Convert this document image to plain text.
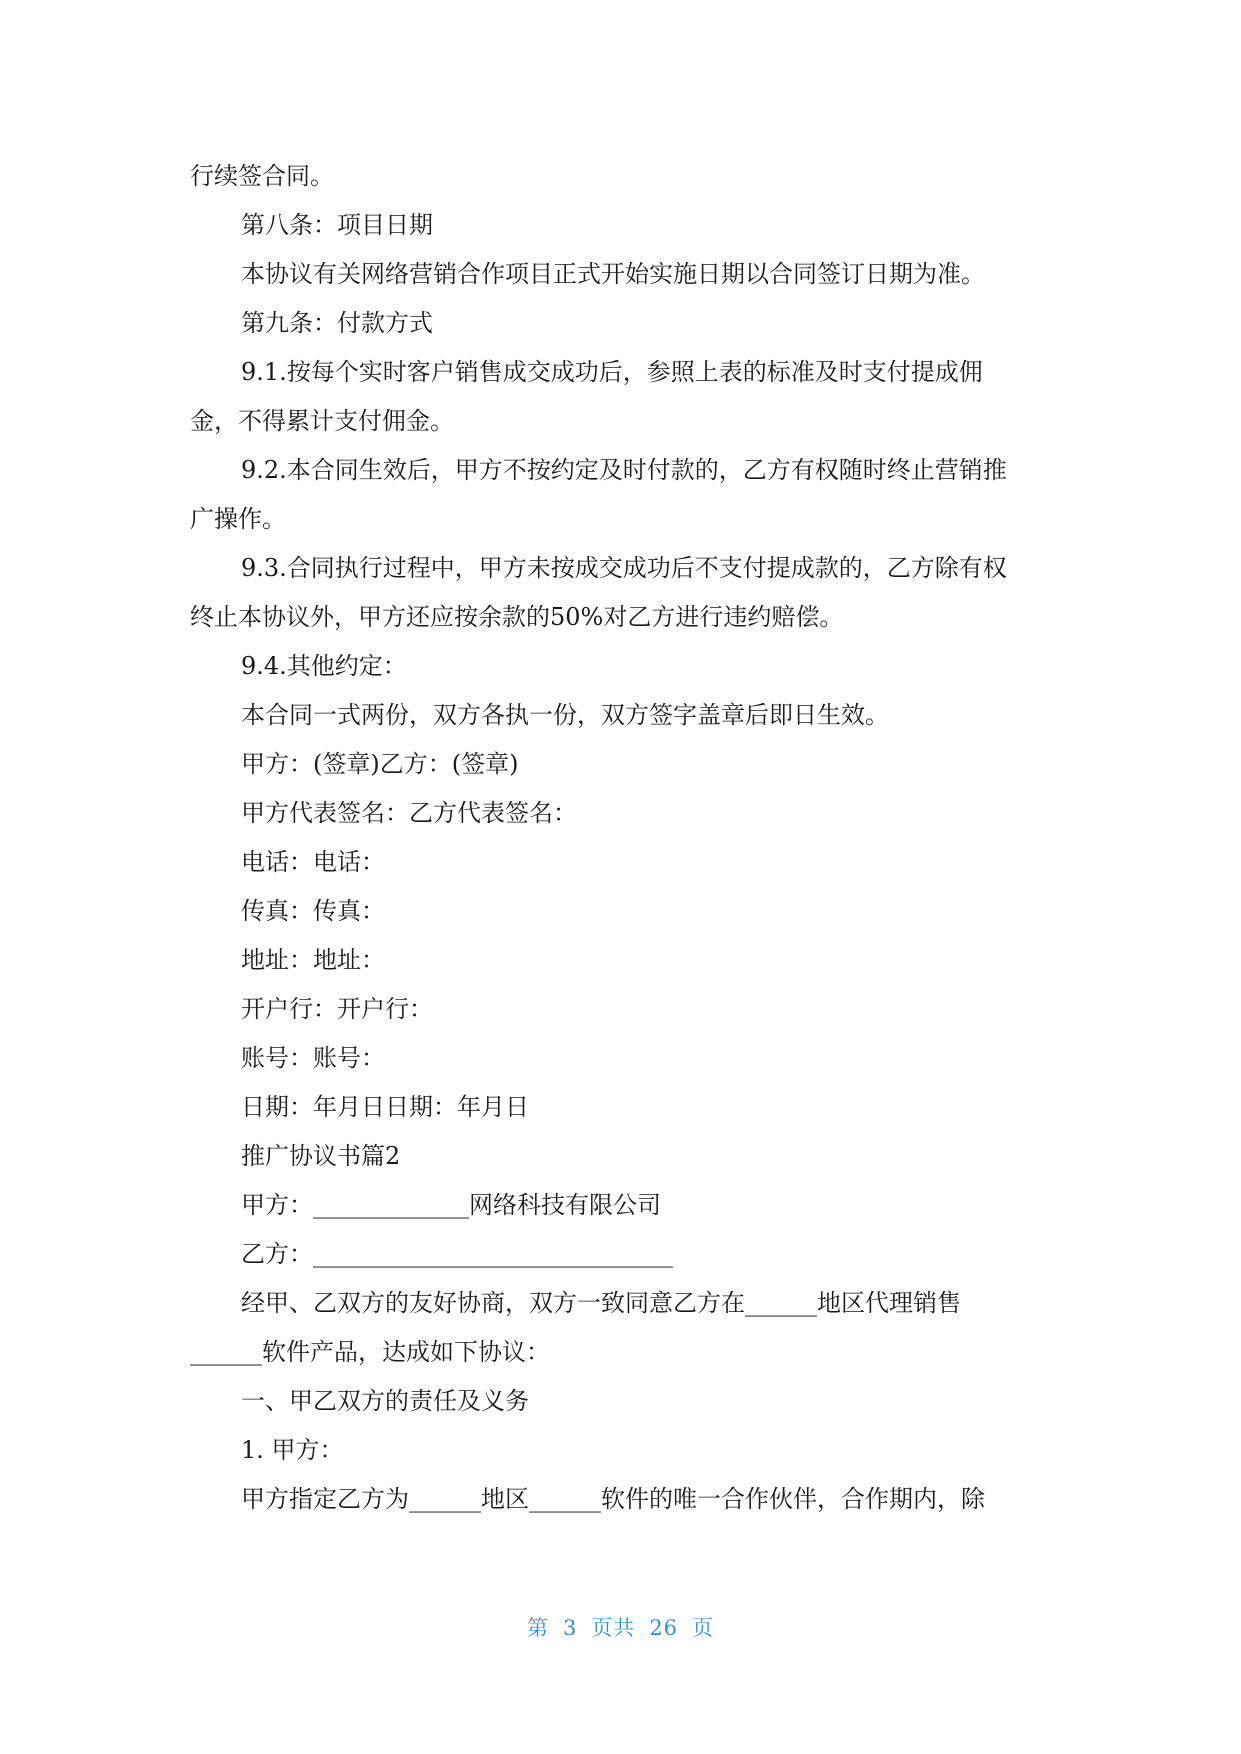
行续签合同。

第八条：项目日期

本协议有关网络营销合作项目正式开始实施日期以合同签订日期为准。

第九条：付款方式

9.1.按每个实时客户销售成交成功后，参照上表的标准及时支付提成佣

金，不得累计支付佣金。

9.2.本合同生效后，甲方不按约定及时付款的，乙方有权随时终止营销推

广操作。

9.3.合同执行过程中，甲方未按成交成功后不支付提成款的，乙方除有权

终止本协议外，甲方还应按余款的50%对乙方进行违约赔偿。

9.4.其他约定：

本合同一式两份，双方各执一份，双方签字盖章后即日生效。

甲方：(签章)乙方：(签章)

甲方代表签名：乙方代表签名：

电话：电话：

传真：传真：

地址：地址：

开户行：开户行：

账号：账号：

日期：年月日日期：年月日

推广协议书篇2

甲方：_____________网络科技有限公司

乙方：______________________________

经甲、乙双方的友好协商，双方一致同意乙方在______地区代理销售

______软件产品，达成如下协议：

一、甲乙双方的责任及义务

1. 甲方：

甲方指定乙方为______地区______软件的唯一合作伙伴，合作期内，除

第 3 页共 26 页
